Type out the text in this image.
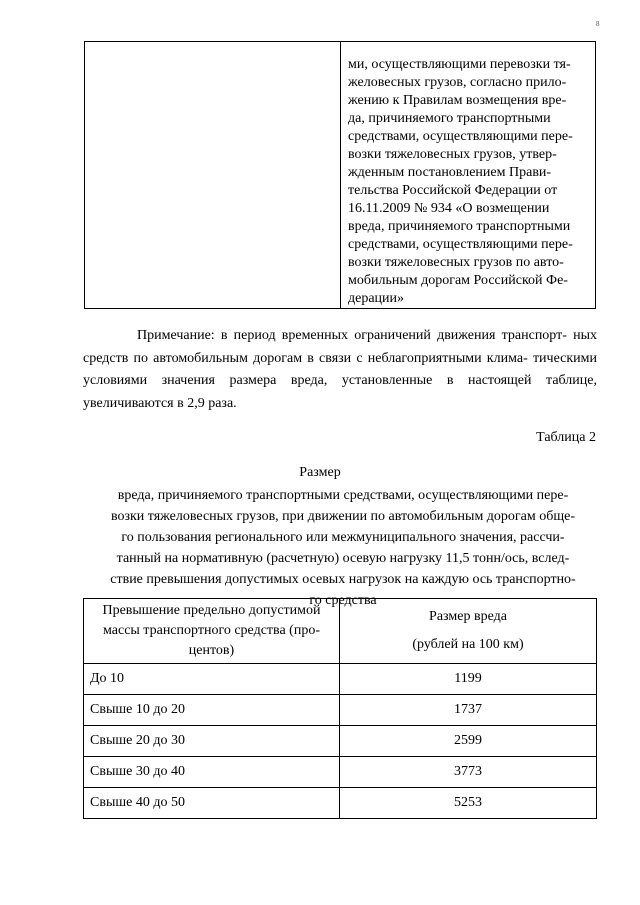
8
ми, осуществляющими перевозки тя-
желовесных грузов, согласно прило-
жению к Правилам возмещения вре-
да, причиняемого транспортными
средствами, осуществляющими пере-
возки тяжеловесных грузов, утвер-
жденным постановлением Прави-
тельства Российской Федерации от
16.11.2009 № 934 «О возмещении
вреда, причиняемого транспортными
средствами, осуществляющими пере-
возки тяжеловесных грузов по авто-
мобильным дорогам Российской Фе-
дерации»
Примечание: в период временных ограничений движения транспорт- ных средств по автомобильным дорогам в связи с неблагоприятными клима- тическими условиями значения размера вреда, установленные в настоящей таблице, увеличиваются в 2,9 раза.
Таблица 2
Размер
вреда, причиняемого транспортными средствами, осуществляющими пере-
возки тяжеловесных грузов, при движении по автомобильным дорогам обще-
го пользования регионального или межмуниципального значения, рассчи-
танный на нормативную (расчетную) осевую нагрузку 11,5 тонн/ось, вслед-
ствие превышения допустимых осевых нагрузок на каждую ось транспортно-
го средства
Превышение предельно допустимой
массы транспортного средства (про-
центов)	Размер вреда
(рублей на 100 км)

До 10	1199
Свыше 10 до 20	1737
Свыше 20 до 30	2599
Свыше 30 до 40	3773
Свыше 40 до 50	5253
